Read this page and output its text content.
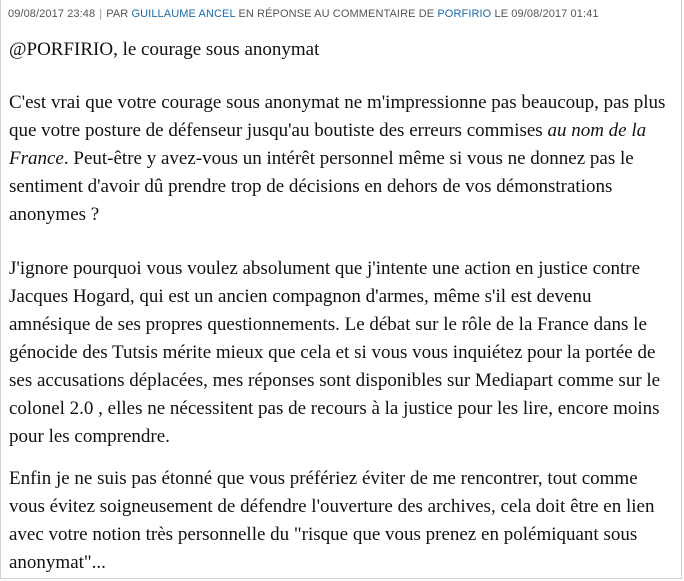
09/08/2017 23:48 | PAR GUILLAUME ANCEL EN RÉPONSE AU COMMENTAIRE DE PORFIRIO LE 09/08/2017 01:41
@PORFIRIO, le courage sous anonymat
C'est vrai que votre courage sous anonymat ne m'impressionne pas beaucoup, pas plus que votre posture de défenseur jusqu'au boutiste des erreurs commises au nom de la France. Peut-être y avez-vous un intérêt personnel même si vous ne donnez pas le sentiment d'avoir dû prendre trop de décisions en dehors de vos démonstrations anonymes ?
J'ignore pourquoi vous voulez absolument que j'intente une action en justice contre Jacques Hogard, qui est un ancien compagnon d'armes, même s'il est devenu amnésique de ses propres questionnements. Le débat sur le rôle de la France dans le génocide des Tutsis mérite mieux que cela et si vous vous inquiétez pour la portée de ses accusations déplacées, mes réponses sont disponibles sur Mediapart comme sur le colonel 2.0 , elles ne nécessitent pas de recours à la justice pour les lire, encore moins pour les comprendre.
Enfin je ne suis pas étonné que vous préfériez éviter de me rencontrer, tout comme vous évitez soigneusement de défendre l'ouverture des archives, cela doit être en lien avec votre notion très personnelle du "risque que vous prenez en polémiquant sous anonymat"...
